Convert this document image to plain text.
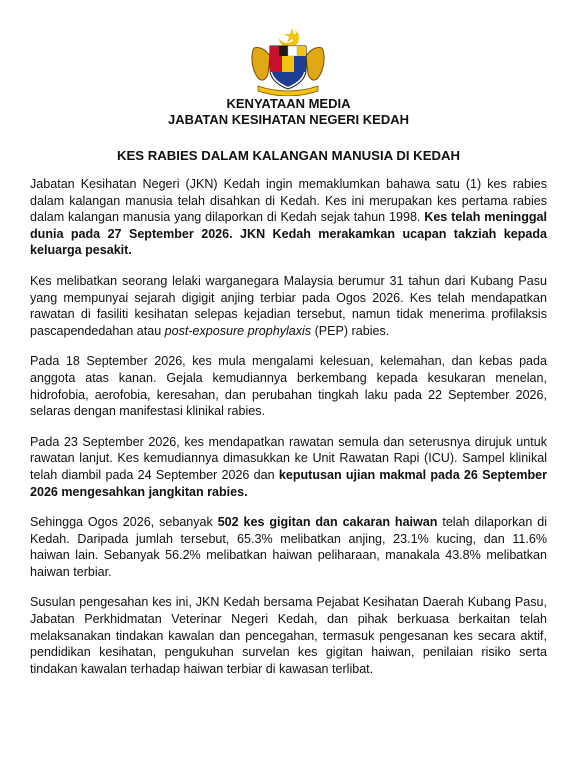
KENYATAAN MEDIA
JABATAN KESIHATAN NEGERI KEDAH
KES RABIES DALAM KALANGAN MANUSIA DI KEDAH

Jabatan Kesihatan Negeri (JKN) Kedah ingin memaklumkan bahawa satu (1) kes rabies dalam kalangan manusia telah disahkan di Kedah. Kes ini merupakan kes pertama rabies dalam kalangan manusia yang dilaporkan di Kedah sejak tahun 1998. Kes telah meninggal dunia pada 27 September 2026. JKN Kedah merakamkan ucapan takziah kepada keluarga pesakit.

Kes melibatkan seorang lelaki warganegara Malaysia berumur 31 tahun dari Kubang Pasu yang mempunyai sejarah digigit anjing terbiar pada Ogos 2026. Kes telah mendapatkan rawatan di fasiliti kesihatan selepas kejadian tersebut, namun tidak menerima profilaksis pascapendedahan atau post-exposure prophylaxis (PEP) rabies.

Pada 18 September 2026, kes mula mengalami kelesuan, kelemahan, dan kebas pada anggota atas kanan. Gejala kemudiannya berkembang kepada kesukaran menelan, hidrofobia, aerofobia, keresahan, dan perubahan tingkah laku pada 22 September 2026, selaras dengan manifestasi klinikal rabies.

Pada 23 September 2026, kes mendapatkan rawatan semula dan seterusnya dirujuk untuk rawatan lanjut. Kes kemudiannya dimasukkan ke Unit Rawatan Rapi (ICU). Sampel klinikal telah diambil pada 24 September 2026 dan keputusan ujian makmal pada 26 September 2026 mengesahkan jangkitan rabies.

Sehingga Ogos 2026, sebanyak 502 kes gigitan dan cakaran haiwan telah dilaporkan di Kedah. Daripada jumlah tersebut, 65.3% melibatkan anjing, 23.1% kucing, dan 11.6% haiwan lain. Sebanyak 56.2% melibatkan haiwan peliharaan, manakala 43.8% melibatkan haiwan terbiar.

Susulan pengesahan kes ini, JKN Kedah bersama Pejabat Kesihatan Daerah Kubang Pasu, Jabatan Perkhidmatan Veterinar Negeri Kedah, dan pihak berkuasa berkaitan telah melaksanakan tindakan kawalan dan pencegahan, termasuk pengesanan kes secara aktif, pendidikan kesihatan, pengukuhan survelan kes gigitan haiwan, penilaian risiko serta tindakan kawalan terhadap haiwan terbiar di kawasan terlibat.
